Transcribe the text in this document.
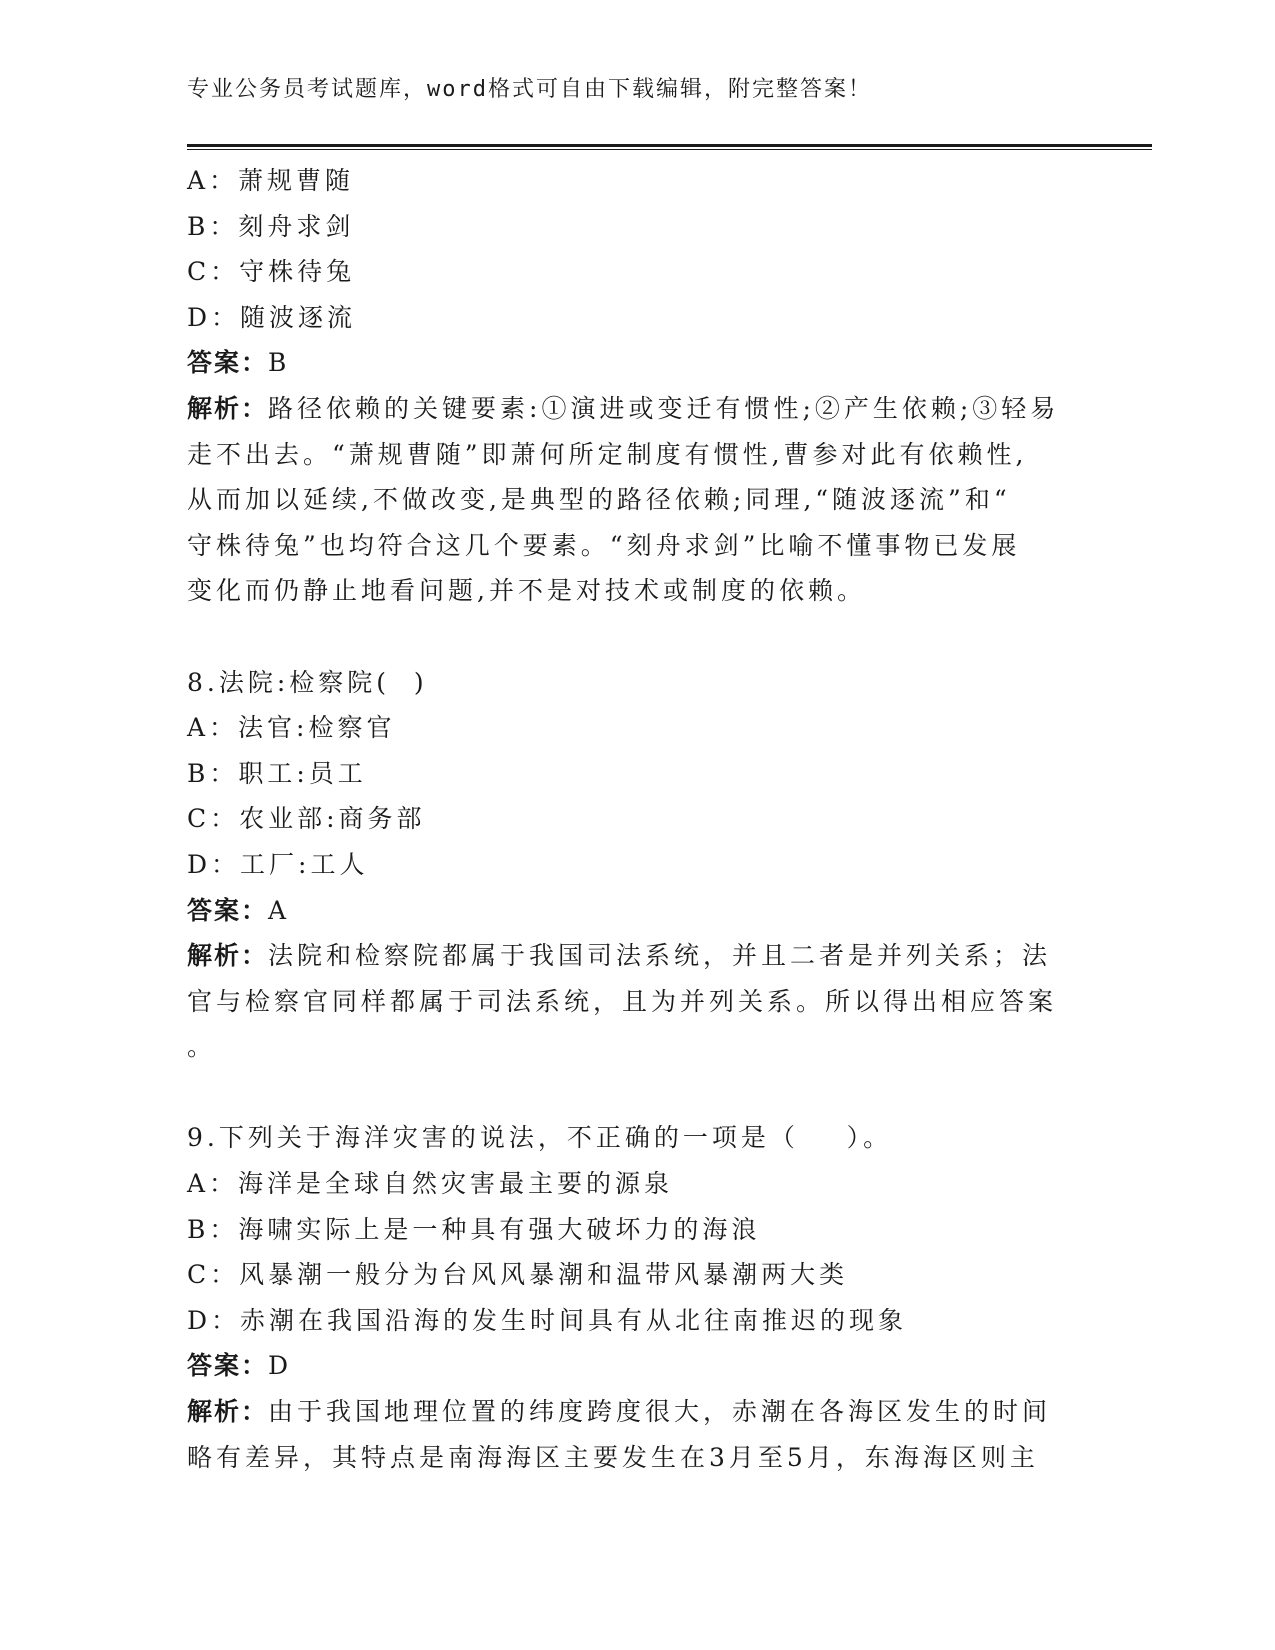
专业公务员考试题库，word格式可自由下载编辑，附完整答案！
A：萧规曹随
B：刻舟求剑
C：守株待兔
D：随波逐流
答案：B
解析：路径依赖的关键要素:①演进或变迁有惯性;②产生依赖;③轻易
走不出去。“萧规曹随”即萧何所定制度有惯性,曹参对此有依赖性,
从而加以延续,不做改变,是典型的路径依赖;同理,“随波逐流”和“
守株待兔”也均符合这几个要素。“刻舟求剑”比喻不懂事物已发展
变化而仍静止地看问题,并不是对技术或制度的依赖。
8.法院:检察院(  )
A：法官:检察官
B：职工:员工
C：农业部:商务部
D：工厂:工人
答案：A
解析：法院和检察院都属于我国司法系统，并且二者是并列关系；法
官与检察官同样都属于司法系统，且为并列关系。所以得出相应答案
。
9.下列关于海洋灾害的说法，不正确的一项是（    ）。
A：海洋是全球自然灾害最主要的源泉
B：海啸实际上是一种具有强大破坏力的海浪
C：风暴潮一般分为台风风暴潮和温带风暴潮两大类
D：赤潮在我国沿海的发生时间具有从北往南推迟的现象
答案：D
解析：由于我国地理位置的纬度跨度很大，赤潮在各海区发生的时间
略有差异，其特点是南海海区主要发生在3月至5月，东海海区则主
